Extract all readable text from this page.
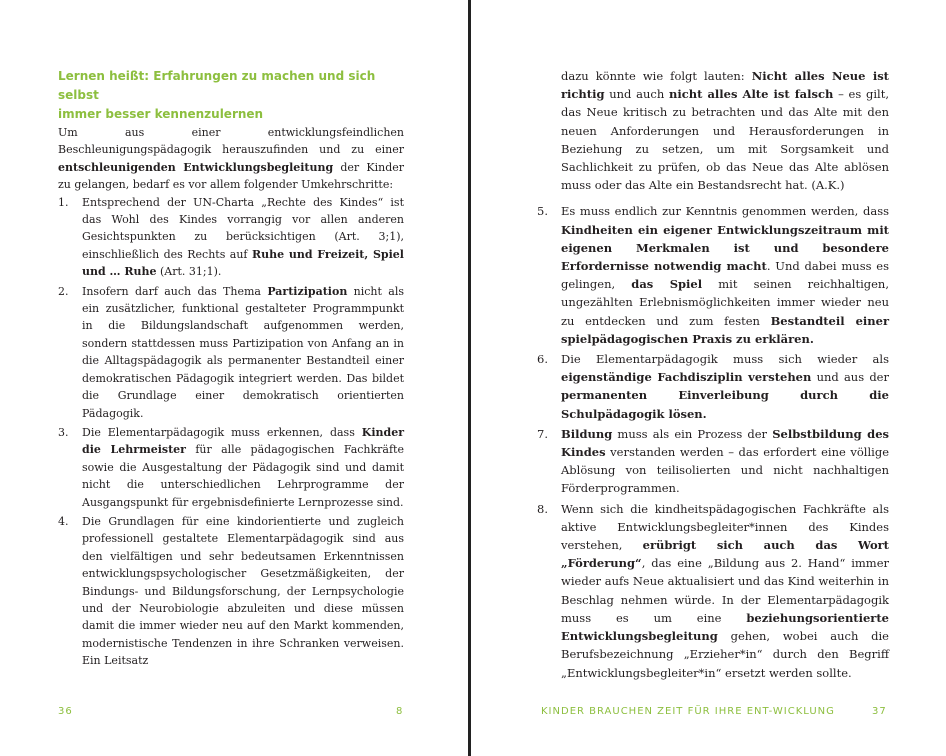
Lernen heißt: Erfahrungen zu machen und sich selbst
immer besser kennenzulernen

Um aus einer entwicklungsfeindlichen Beschleunigungspädagogik herauszufinden und zu einer entschleunigenden Entwicklungsbegleitung der Kinder zu gelangen, bedarf es vor allem folgender Umkehrschritte:

1. Entsprechend der UN-Charta „Rechte des Kindes“ ist das Wohl des Kindes vorrangig vor allen anderen Gesichtspunkten zu berücksichtigen (Art. 3;1), einschließlich des Rechts auf Ruhe und Freizeit, Spiel und … Ruhe (Art. 31;1).
2. Insofern darf auch das Thema Partizipation nicht als ein zusätzlicher, funktional gestalteter Programmpunkt in die Bildungslandschaft aufgenommen werden, sondern stattdessen muss Partizipation von Anfang an in die Alltagspädagogik als permanenter Bestandteil einer demokratischen Pädagogik integriert werden. Das bildet die Grundlage einer demokratisch orientierten Pädagogik.
3. Die Elementarpädagogik muss erkennen, dass Kinder die Lehrmeister für alle pädagogischen Fachkräfte sowie die Ausgestaltung der Pädagogik sind und damit nicht die unterschiedlichen Lehrprogramme der Ausgangspunkt für ergebnisdefinierte Lernprozesse sind.
4. Die Grundlagen für eine kindorientierte und zugleich professionell gestaltete Elementarpädagogik sind aus den vielfältigen und sehr bedeutsamen Erkenntnissen entwicklungspsychologischer Gesetzmäßigkeiten, der Bindungs- und Bildungsforschung, der Lernpsychologie und der Neurobiologie abzuleiten und diese müssen damit die immer wieder neu auf den Markt kommenden, modernistische Tendenzen in ihre Schranken verweisen. Ein Leitsatz
36	8

dazu könnte wie folgt lauten: Nicht alles Neue ist richtig und auch nicht alles Alte ist falsch – es gilt, das Neue kritisch zu betrachten und das Alte mit den neuen Anforderungen und Herausforderungen in Beziehung zu setzen, um mit Sorgsamkeit und Sachlichkeit zu prüfen, ob das Neue das Alte ablösen muss oder das Alte ein Bestandsrecht hat. (A.K.)

5. Es muss endlich zur Kenntnis genommen werden, dass Kindheiten ein eigener Entwicklungszeitraum mit eigenen Merkmalen ist und besondere Erfordernisse notwendig macht. Und dabei muss es gelingen, das Spiel mit seinen reichhaltigen, ungezählten Erlebnismöglichkeiten immer wieder neu zu entdecken und zum festen Bestandteil einer spielpädagogischen Praxis zu erklären.
6. Die Elementarpädagogik muss sich wieder als eigenständige Fachdisziplin verstehen und aus der permanenten Einverleibung durch die Schulpädagogik lösen.
7. Bildung muss als ein Prozess der Selbstbildung des Kindes verstanden werden – das erfordert eine völlige Ablösung von teilisolierten und nicht nachhaltigen Förderprogrammen.
8. Wenn sich die kindheitspädagogischen Fachkräfte als aktive Entwicklungsbegleiter*innen des Kindes verstehen, erübrigt sich auch das Wort „Förderung“, das eine „Bildung aus 2. Hand“ immer wieder aufs Neue aktualisiert und das Kind weiterhin in Beschlag nehmen würde. In der Elementarpädagogik muss es um eine beziehungsorientierte Entwicklungsbegleitung gehen, wobei auch die Berufsbezeichnung „Erzieher*in“ durch den Begriff „Entwicklungsbegleiter*in“ ersetzt werden sollte.
KINDER BRAUCHEN ZEIT FÜR IHRE ENT-WICKLUNG	37
